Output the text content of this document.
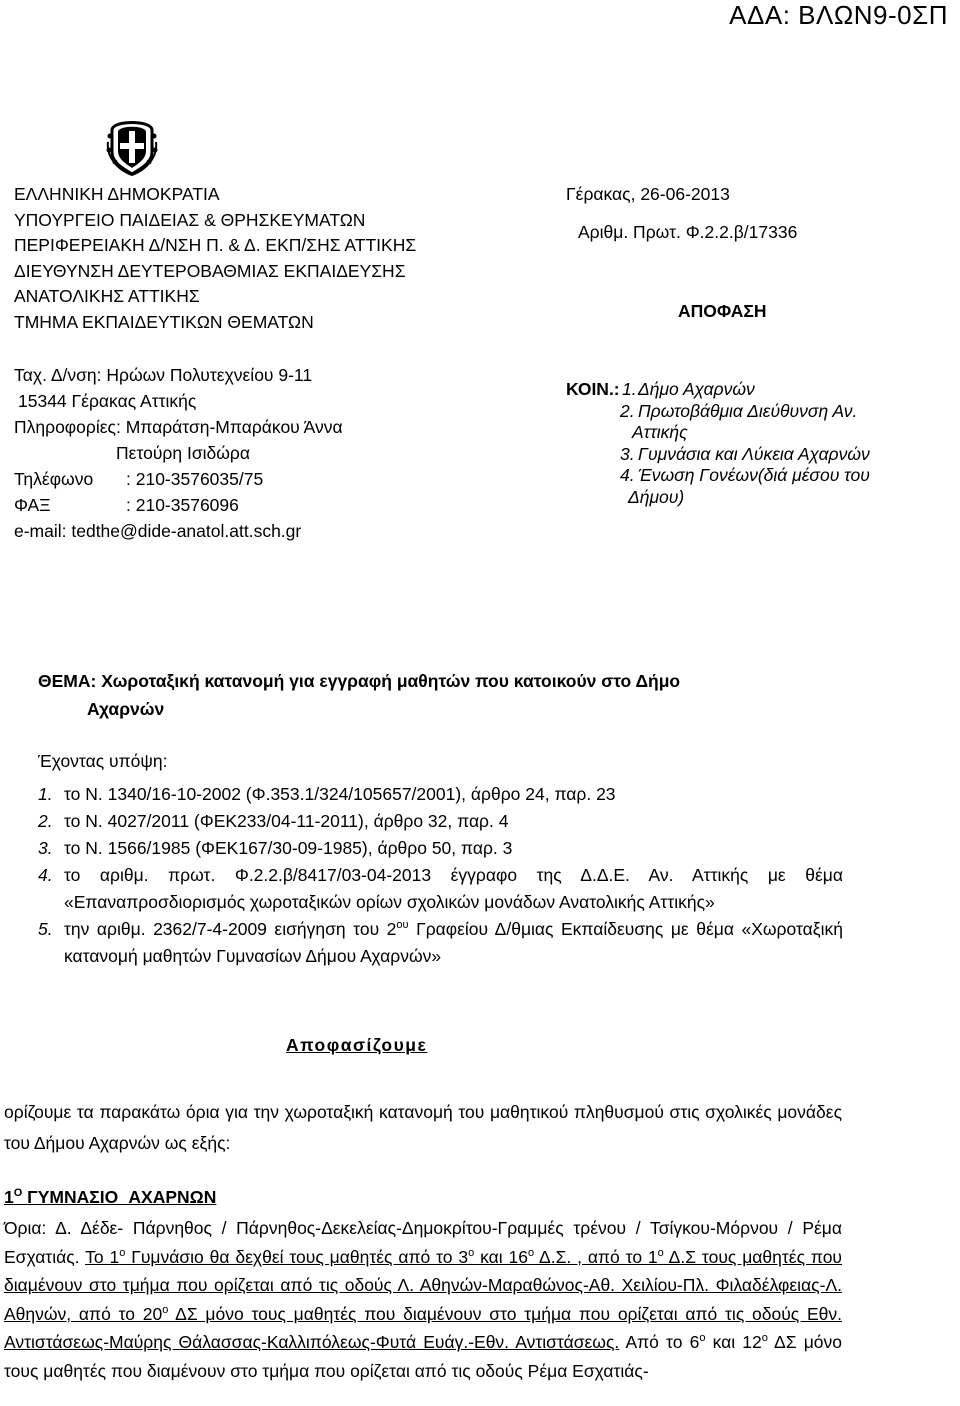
ΑΔΑ: ΒΛΩΝ9-0ΣΠ
ΕΛΛΗΝΙΚΗ ΔΗΜΟΚΡΑΤΙΑ
ΥΠΟΥΡΓΕΙΟ ΠΑΙΔΕΙΑΣ & ΘΡΗΣΚΕΥΜΑΤΩΝ
ΠΕΡΙΦΕΡΕΙΑΚΗ Δ/ΝΣΗ Π. & Δ. ΕΚΠ/ΣΗΣ ΑΤΤΙΚΗΣ
ΔΙΕΥΘΥΝΣΗ ΔΕΥΤΕΡΟΒΑΘΜΙΑΣ ΕΚΠΑΙΔΕΥΣΗΣ
ΑΝΑΤΟΛΙΚΗΣ ΑΤΤΙΚΗΣ
ΤΜΗΜΑ ΕΚΠΑΙΔΕΥΤΙΚΩΝ ΘΕΜΑΤΩΝ
Ταχ. Δ/νση: Ηρώων Πολυτεχνείου 9-11
15344 Γέρακας Αττικής
Πληροφορίες: Μπαράτση-Μπαράκου Άννα
Πετούρη Ισιδώρα
Τηλέφωνο : 210-3576035/75
ΦΑΞ	: 210-3576096
e-mail: tedthe@dide-anatol.att.sch.gr
Γέρακας, 26-06-2013
Αριθμ. Πρωτ. Φ.2.2.β/17336
ΑΠΟΦΑΣΗ
ΚΟΙΝ.: 1.Δήμο Αχαρνών
2. Πρωτοβάθμια Διεύθυνση Αν.
Αττικής
3. Γυμνάσια και Λύκεια Αχαρνών
4. Ένωση Γονέων(διά μέσου του
Δήμου)
ΘΕΜΑ: Χωροταξική κατανομή για εγγραφή μαθητών που κατοικούν στο Δήμο
Αχαρνών
Έχοντας υπόψη:
1. το Ν. 1340/16-10-2002 (Φ.353.1/324/105657/2001), άρθρο 24, παρ. 23
2. το Ν. 4027/2011 (ΦΕΚ233/04-11-2011), άρθρο 32, παρ. 4
3. το Ν. 1566/1985 (ΦΕΚ167/30-09-1985), άρθρο 50, παρ. 3
4. το αριθμ. πρωτ. Φ.2.2.β/8417/03-04-2013 έγγραφο της Δ.Δ.Ε. Αν. Αττικής με θέμα «Επαναπροσδιορισμός χωροταξικών ορίων σχολικών μονάδων Ανατολικής Αττικής»
5. την αριθμ. 2362/7-4-2009 εισήγηση του $2^{o\upsilon}$ Γραφείου Δ/θμιας Εκπαίδευσης με θέμα «Χωροταξική κατανομή μαθητών Γυμνασίων Δήμου Αχαρνών»
Αποφασίζουμε
ορίζουμε τα παρακάτω όρια για την χωροταξική κατανομή του μαθητικού πληθυσμού στις σχολικές μονάδες του Δήμου Αχαρνών ως εξής:
$1^O$ ΓΥΜΝΑΣΙΟ ΑΧΑΡΝΩΝ
Όρια: Δ. Δέδε- Πάρνηθος / Πάρνηθος-Δεκελείας-Δημοκρίτου-Γραμμές τρένου / Τσίγκου-Μόρνου / Ρέμα Εσχατιάς. Το $1^o$ Γυμνάσιο θα δεχθεί τους μαθητές από το $3^o$ και $16^o$ Δ.Σ. , από το $1^o$ Δ.Σ τους μαθητές που διαμένουν στο τμήμα που ορίζεται από τις οδούς Λ. Αθηνών-Μαραθώνος-Αθ. Χειλίου-Πλ. Φιλαδέλφειας-Λ. Αθηνών, από το $20^o$ ΔΣ μόνο τους μαθητές που διαμένουν στο τμήμα που ορίζεται από τις οδούς Εθν. Αντιστάσεως-Μαύρης Θάλασσας-Καλλιπόλεως-Φυτά Ευάγ.-Εθν. Αντιστάσεως. Από το $6^o$ και $12^o$ ΔΣ μόνο τους μαθητές που διαμένουν στο τμήμα που ορίζεται από τις οδούς Ρέμα Εσχατιάς-
